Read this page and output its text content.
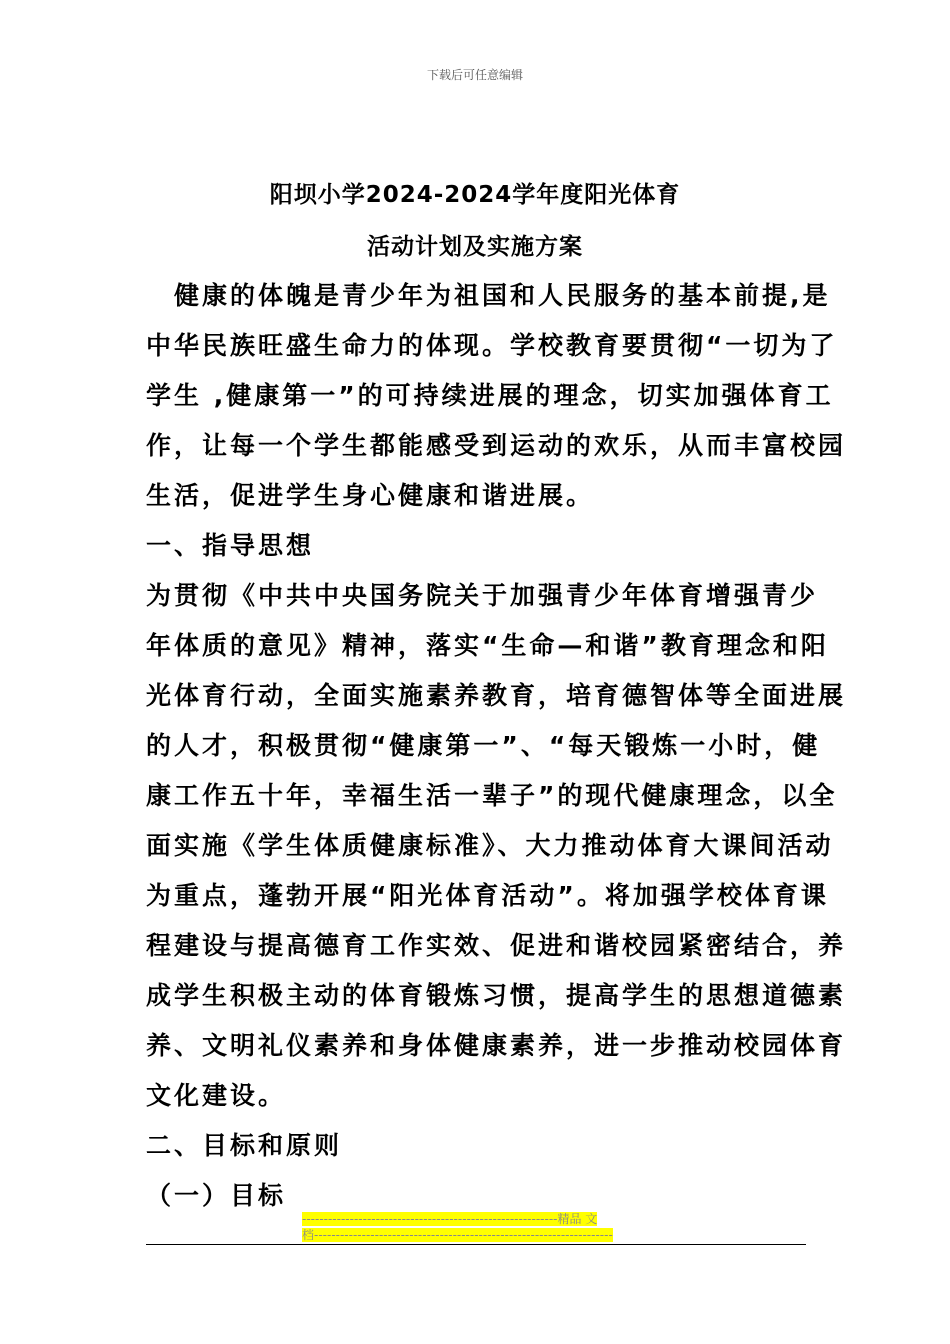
下载后可任意编辑
阳坝小学2024-2024学年度阳光体育
活动计划及实施方案
　健康的体魄是青少年为祖国和人民服务的基本前提,是
中华民族旺盛生命力的体现。学校教育要贯彻“一切为了
学生 ,健康第一”的可持续进展的理念，切实加强体育工
作，让每一个学生都能感受到运动的欢乐，从而丰富校园
生活，促进学生身心健康和谐进展。
一、指导思想
为贯彻《中共中央国务院关于加强青少年体育增强青少
年体质的意见》精神，落实“生命—和谐”教育理念和阳
光体育行动，全面实施素养教育，培育德智体等全面进展
的人才，积极贯彻“健康第一”、“每天锻炼一小时，健
康工作五十年，幸福生活一辈子”的现代健康理念，以全
面实施《学生体质健康标准》、大力推动体育大课间活动
为重点，蓬勃开展“阳光体育活动”。将加强学校体育课
程建设与提高德育工作实效、促进和谐校园紧密结合，养
成学生积极主动的体育锻炼习惯，提高学生的思想道德素
养、文明礼仪素养和身体健康素养，进一步推动校园体育
文化建设。
二、目标和原则
（一）目标
-----------------------------------------------------------精品 文
档---------------------------------------------------------------------
